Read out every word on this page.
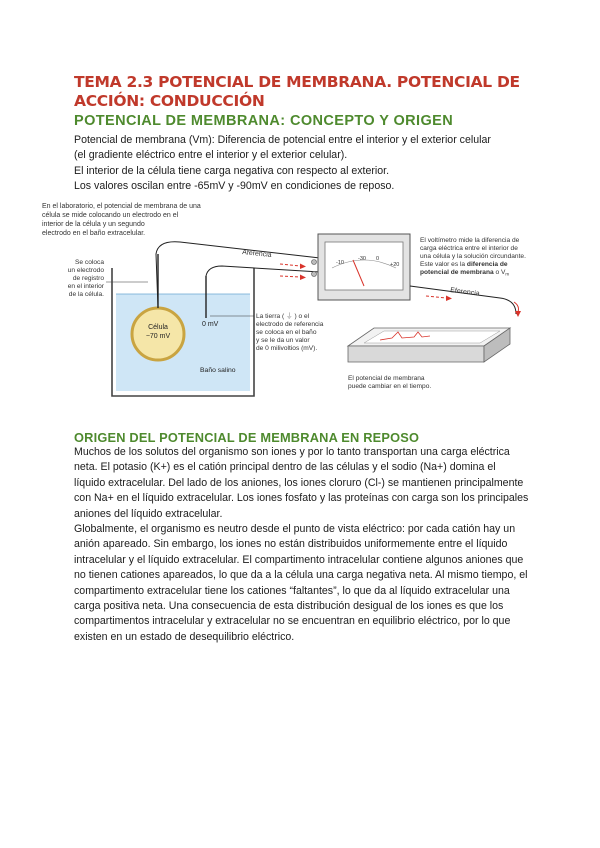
TEMA 2.3 POTENCIAL DE MEMBRANA. POTENCIAL DE ACCIÓN: CONDUCCIÓN
POTENCIAL DE MEMBRANA: CONCEPTO Y ORIGEN
Potencial de membrana (Vm): Diferencia de potencial entre el interior y el exterior celular
(el gradiente eléctrico entre el interior y el exterior celular).
El interior de la célula tiene carga negativa con respecto al exterior.
Los valores oscilan entre -65mV y -90mV en condiciones de reposo.
En el laboratorio, el potencial de membrana de una
célula se mide colocando un electrodo en el
interior de la célula y un segundo
electrodo en el baño extracelular.
Se coloca
un electrodo
de registro
en el interior
de la célula.
Célula
−70 mV
0 mV
Baño salino
La tierra ( ⏚ ) o el
electrodo de referencia
se coloca en el baño
y se le da un valor
de 0 milivoltios (mV).
Aferencia
-10
-30 0
+20
El voltímetro mide la diferencia de
carga eléctrica entre el interior de
una célula y la solución circundante.
Este valor es la diferencia de
potencial de membrana o $V_m$
Eferencia
El potencial de membrana
puede cambiar en el tiempo.
ORIGEN DEL POTENCIAL DE MEMBRANA EN REPOSO

Muchos de los solutos del organismo son iones y por lo tanto transportan una carga eléctrica neta. El potasio (K+) es el catión principal dentro de las células y el sodio (Na+) domina el líquido extracelular. Del lado de los aniones, los iones cloruro (Cl-) se mantienen principalmente con Na+ en el líquido extracelular. Los iones fosfato y las proteínas con carga son los principales aniones del líquido extracelular.

Globalmente, el organismo es neutro desde el punto de vista eléctrico: por cada catión hay un anión apareado. Sin embargo, los iones no están distribuidos uniformemente entre el líquido intracelular y el líquido extracelular. El compartimento intracelular contiene algunos aniones que no tienen cationes apareados, lo que da a la célula una carga negativa neta. Al mismo tiempo, el compartimento extracelular tiene los cationes “faltantes”, lo que da al líquido extracelular una carga positiva neta. Una consecuencia de esta distribución desigual de los iones es que los compartimentos intracelular y extracelular no se encuentran en equilibrio eléctrico, por lo que existen en un estado de desequilibrio eléctrico.
